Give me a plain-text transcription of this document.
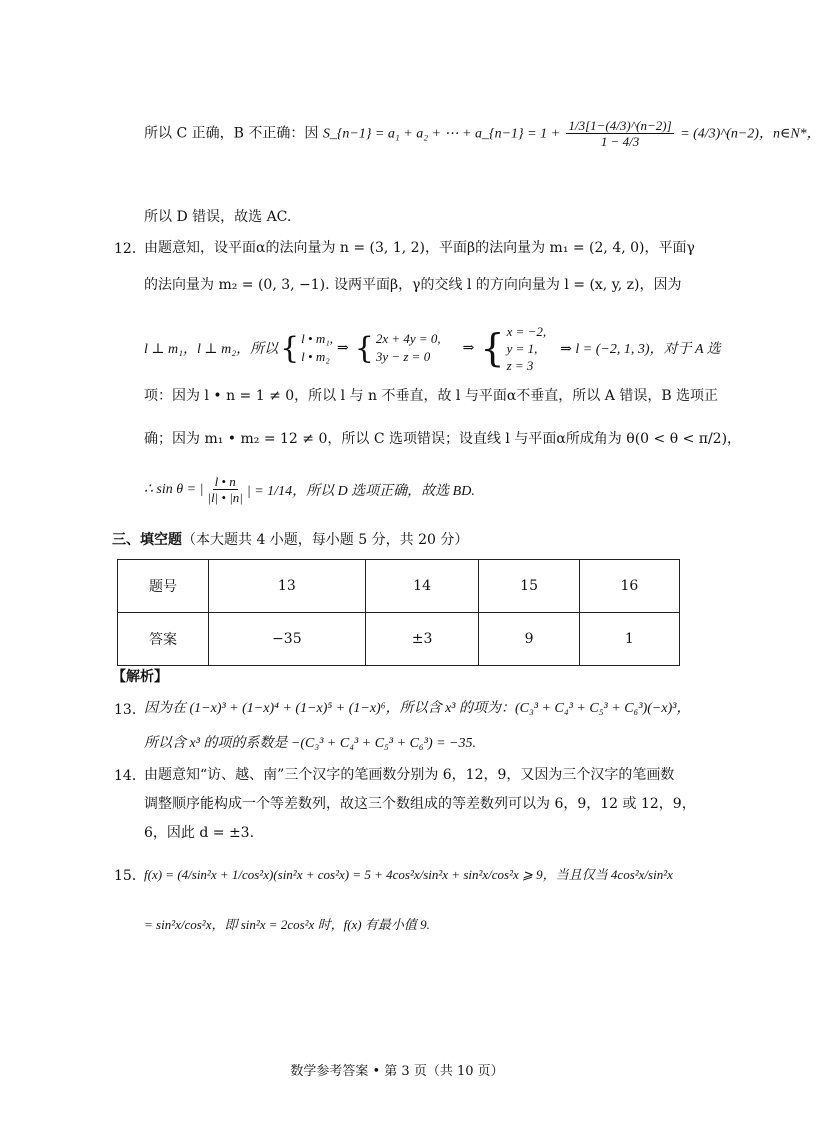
所以 C 正确，B 不正确：因 S_{n−1} = a₁ + a₂ + ⋯ + a_{n−1} = $1 + \frac{1/3[1-(4/3)\^{}(n-2)]}{1 - 4/3}$ = (4/3)^(n−2)，n∈N*，
所以 D 错误，故选 AC.
12．
由题意知，设平面α的法向量为 n = (3, 1, 2)，平面β的法向量为 m₁ = (2, 4, 0)，平面γ
的法向量为 m₂ = (0, 3, −1). 设两平面β，γ的交线 l 的方向向量为 l = (x, y, z)，因为
l ⊥ m₁，l ⊥ m₂，所以 { l • m₁,
l • m₂
⇒ { 2x + 4y = 0,
3y − z = 0
⇒ { x = −2,
y = 1,
z = 3
⇒ l = (−2, 1, 3)，对于 A 选
项：因为 l • n = 1 ≠ 0，所以 l 与 n 不垂直，故 l 与平面α不垂直，所以 A 错误，B 选项正
确；因为 m₁ • m₂ = 12 ≠ 0，所以 C 选项错误；设直线 l 与平面α所成角为 θ(0 < θ < π/2)，
∴ sin θ = | $\frac{l • n}{|l| • |n|}$ | = 1/14，所以 D 选项正确，故选 BD.
三、填空题（本大题共 4 小题，每小题 5 分，共 20 分）
题号	13	14	15	16
答案	−35	±3	9	1
【解析】
13．
因为在 (1−x)³ + (1−x)⁴ + (1−x)⁵ + (1−x)⁶，所以含 x³ 的项为：(C₃³ + C₄³ + C₅³ + C₆³)(−x)³，
所以含 x³ 的项的系数是 −(C₃³ + C₄³ + C₅³ + C₆³) = −35.
14．
由题意知“访、越、南”三个汉字的笔画数分别为 6，12，9，又因为三个汉字的笔画数
调整顺序能构成一个等差数列，故这三个数组成的等差数列可以为 6，9，12 或 12，9，
6，因此 d = ±3.
15．
f(x) = (4/sin²x + 1/cos²x)(sin²x + cos²x) = 5 + 4cos²x/sin²x + sin²x/cos²x ⩾ 9，当且仅当 4cos²x/sin²x
= sin²x/cos²x，即 sin²x = 2cos²x 时，f(x) 有最小值 9.
数学参考答案 • 第 3 页（共 10 页）
